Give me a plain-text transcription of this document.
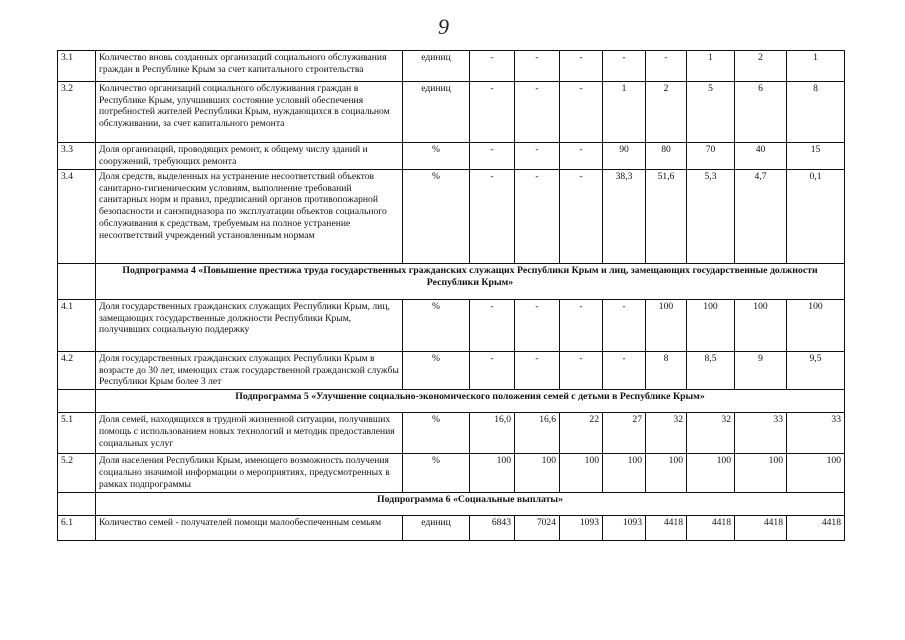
9
3.1	Количество вновь созданных организаций социального обслуживания граждан в Республике Крым за счет капитального строительства	единиц	-	-	-	-	-	1	2	1
3.2	Количество организаций социального обслуживания граждан в Республике Крым, улучшивших состояние условий обеспечения потребностей жителей Республики Крым, нуждающихся в социальном обслуживании, за счет капитального ремонта	единиц	-	-	-	1	2	5	6	8
3.3	Доля организаций, проводящих ремонт, к общему числу зданий и сооружений, требующих ремонта	%	-	-	-	90	80	70	40	15
3.4	Доля средств, выделенных на устранение несоответствий объектов санитарно-гигиеническим условиям, выполнение требований санитарных норм и правил, предписаний органов противопожарной безопасности и санэпидназора по эксплуатации объектов социального обслуживания к средствам, требуемым на полное устранение несоответствий учреждений установленным нормам	%	-	-	-	38,3	51,6	5,3	4,7	0,1
	Подпрограмма 4 «Повышение престижа труда государственных гражданских служащих Республики Крым и лиц, замещающих государственные должности Республики Крым»									
4.1	Доля государственных гражданских служащих Республики Крым, лиц, замещающих государственные должности Республики Крым, получивших социальную поддержку	%	-	-	-	-	100	100	100	100
4.2	Доля государственных гражданских служащих Республики Крым в возрасте до 30 лет, имеющих стаж государственной гражданской службы Республики Крым более 3 лет	%	-	-	-	-	8	8,5	9	9,5
	Подпрограмма 5 «Улучшение социально-экономического положения семей с детьми в Республике Крым»									
5.1	Доля семей, находящихся в трудной жизненной ситуации, получивших помощь с использованием новых технологий и методик предоставления социальных услуг	%	16,0	16,6	22	27	32	32	33	33
5.2	Доля населения Республики Крым, имеющего возможность получения социально значимой информации о мероприятиях, предусмотренных в рамках подпрограммы	%	100	100	100	100	100	100	100	100
	Подпрограмма 6 «Социальные выплаты»									
6.1	Количество семей - получателей помощи малообеспеченным семьям	единиц	6843	7024	1093	1093	4418	4418	4418	4418
